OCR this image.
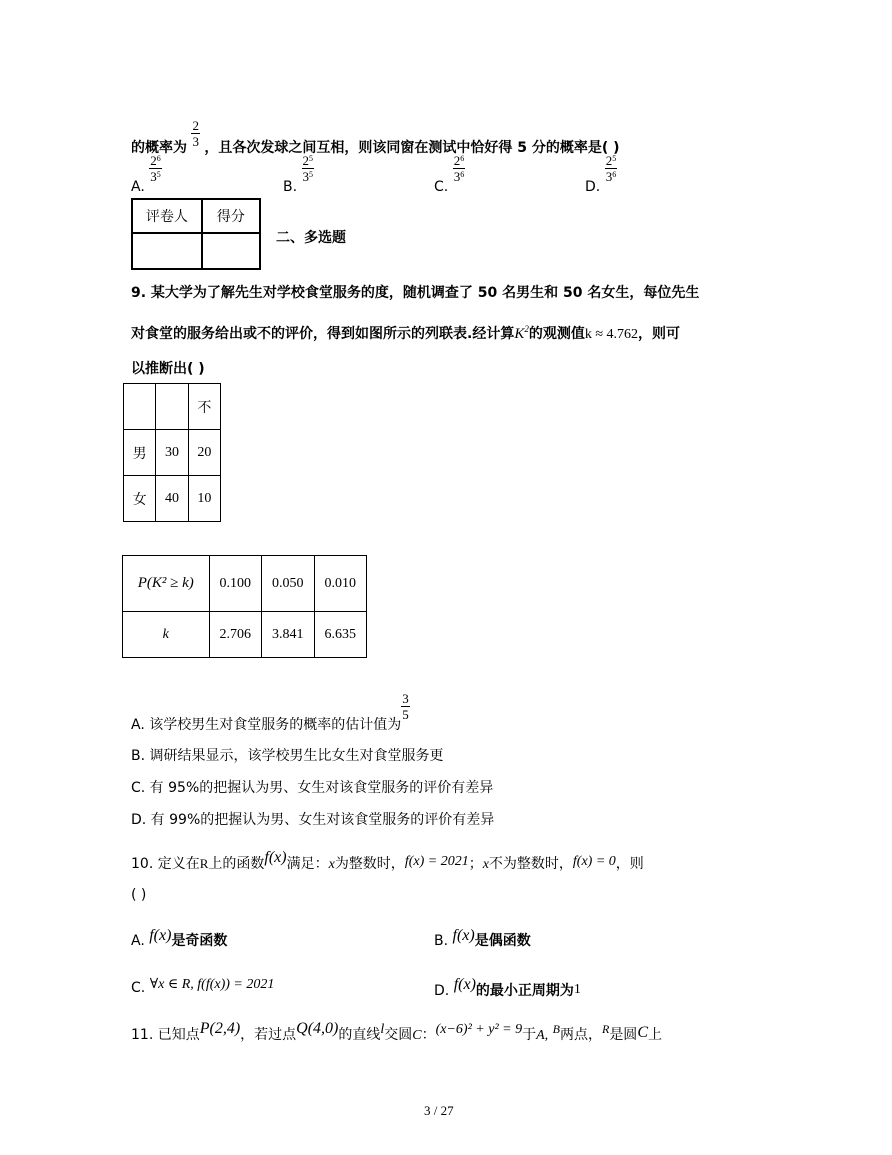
的概率为 $\frac{2}{3}$ ，且各次发球之间互相，则该同窗在测试中恰好得 5 分的概率是( )
A.
$\frac{2^6}{3^5}$
B.
$\frac{2^5}{3^5}$
C.
$\frac{2^6}{3^6}$
D.
$\frac{2^5}{3^6}$
评卷人	得分

二、多选题
9. 某大学为了解先生对学校食堂服务的度，随机调查了 50 名男生和 50 名女生，每位先生
对食堂的服务给出或不的评价，得到如图所示的列联表.经计算$K^2$的观测值k ≈ 4.762，则可
以推断出( )
		不
男	30	20
女	40	10
P(K² ≥ k)	0.100	0.050	0.010
k	2.706	3.841	6.635
A. 该学校男生对食堂服务的概率的估计值为
$\frac{3}{5}$
B. 调研结果显示，该学校男生比女生对食堂服务更
C. 有 95%的把握认为男、女生对该食堂服务的评价有差异
D. 有 99%的把握认为男、女生对该食堂服务的评价有差异
10. 定义在R上的函数f(x)满足：x为整数时，f(x) = 2021；x不为整数时，f(x) = 0，则
( )
A. f(x)是奇函数	B. f(x)是偶函数
C. ∀x ∈ R, f(f(x)) = 2021	D. f(x)的最小正周期为1
11. 已知点P(2,4)，若过点Q(4,0)的直线l交圆C：(x−6)² + y² = 9于A, B两点，R是圆C上
3 / 27
